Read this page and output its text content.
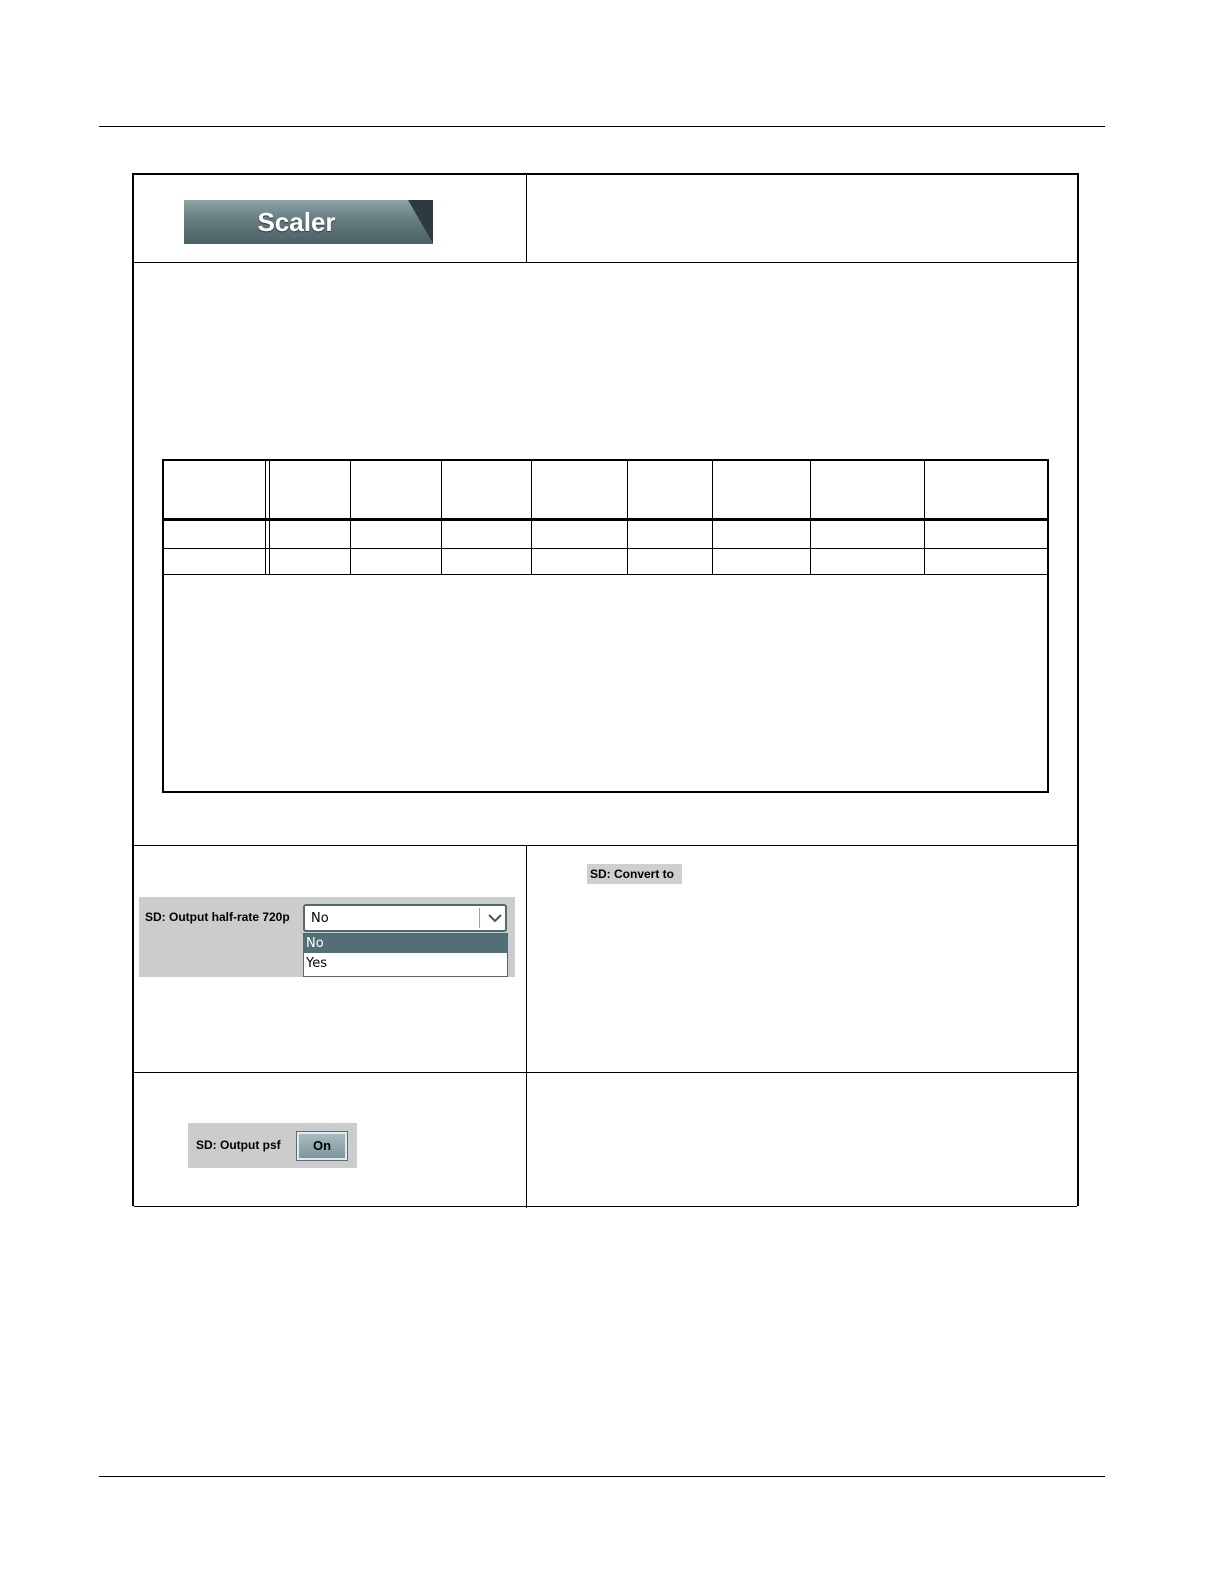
Scaler
SD: Output half-rate 720p No
No
Yes
SD: Convert to
SD: Output psf	On
